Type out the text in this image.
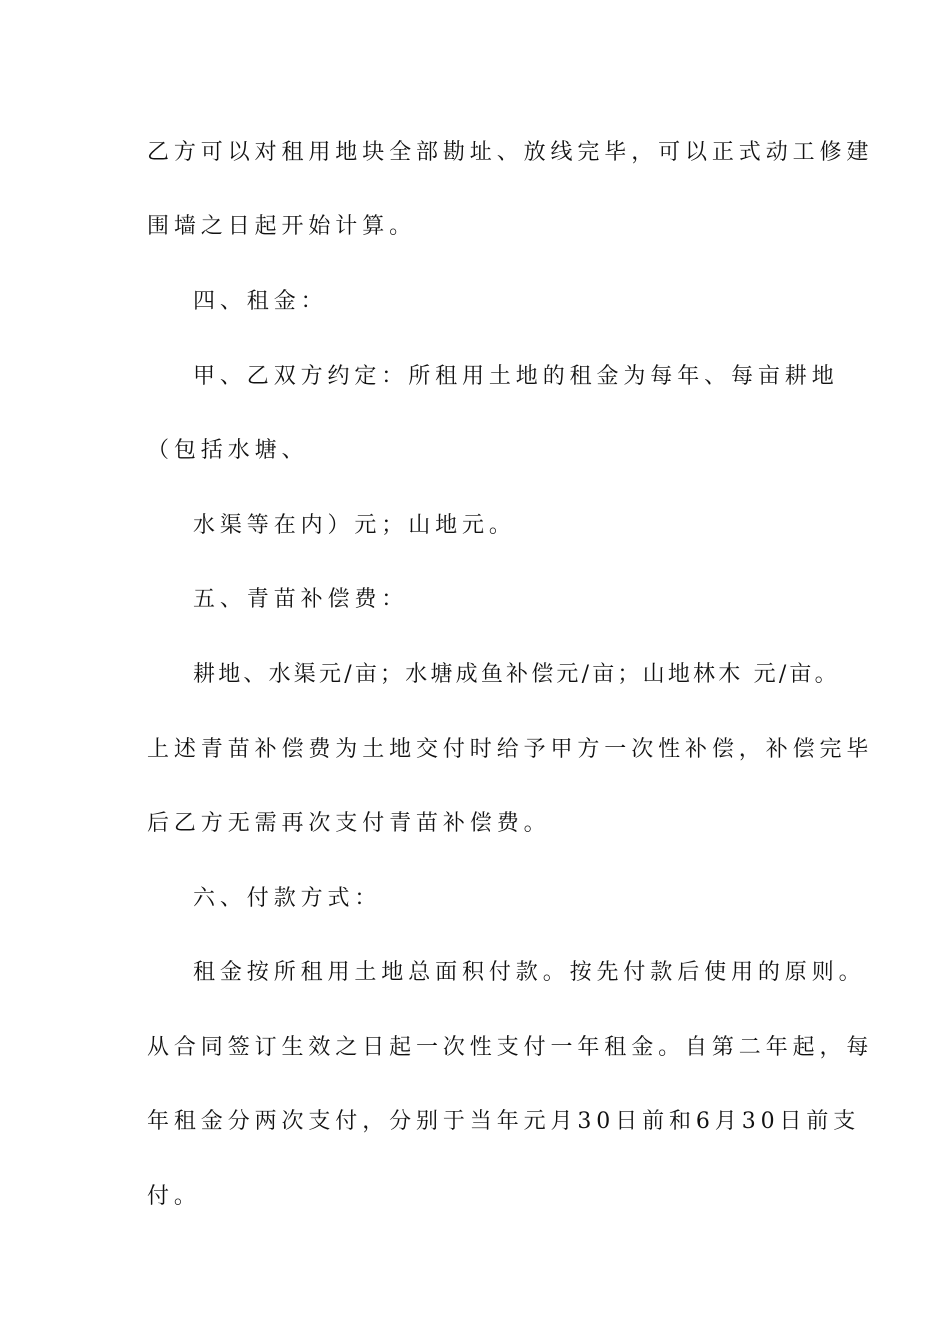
乙方可以对租用地块全部勘址、放线完毕，可以正式动工修建
围墙之日起开始计算。
四、租金：
甲、乙双方约定：所租用土地的租金为每年、每亩耕地
（包括水塘、
水渠等在内）元；山地元。
五、青苗补偿费：
耕地、水渠元/亩；水塘成鱼补偿元/亩；山地林木 元/亩。
上述青苗补偿费为土地交付时给予甲方一次性补偿，补偿完毕
后乙方无需再次支付青苗补偿费。
六、付款方式：
租金按所租用土地总面积付款。按先付款后使用的原则。
从合同签订生效之日起一次性支付一年租金。自第二年起，每
年租金分两次支付，分别于当年元月30日前和6月30日前支
付。
